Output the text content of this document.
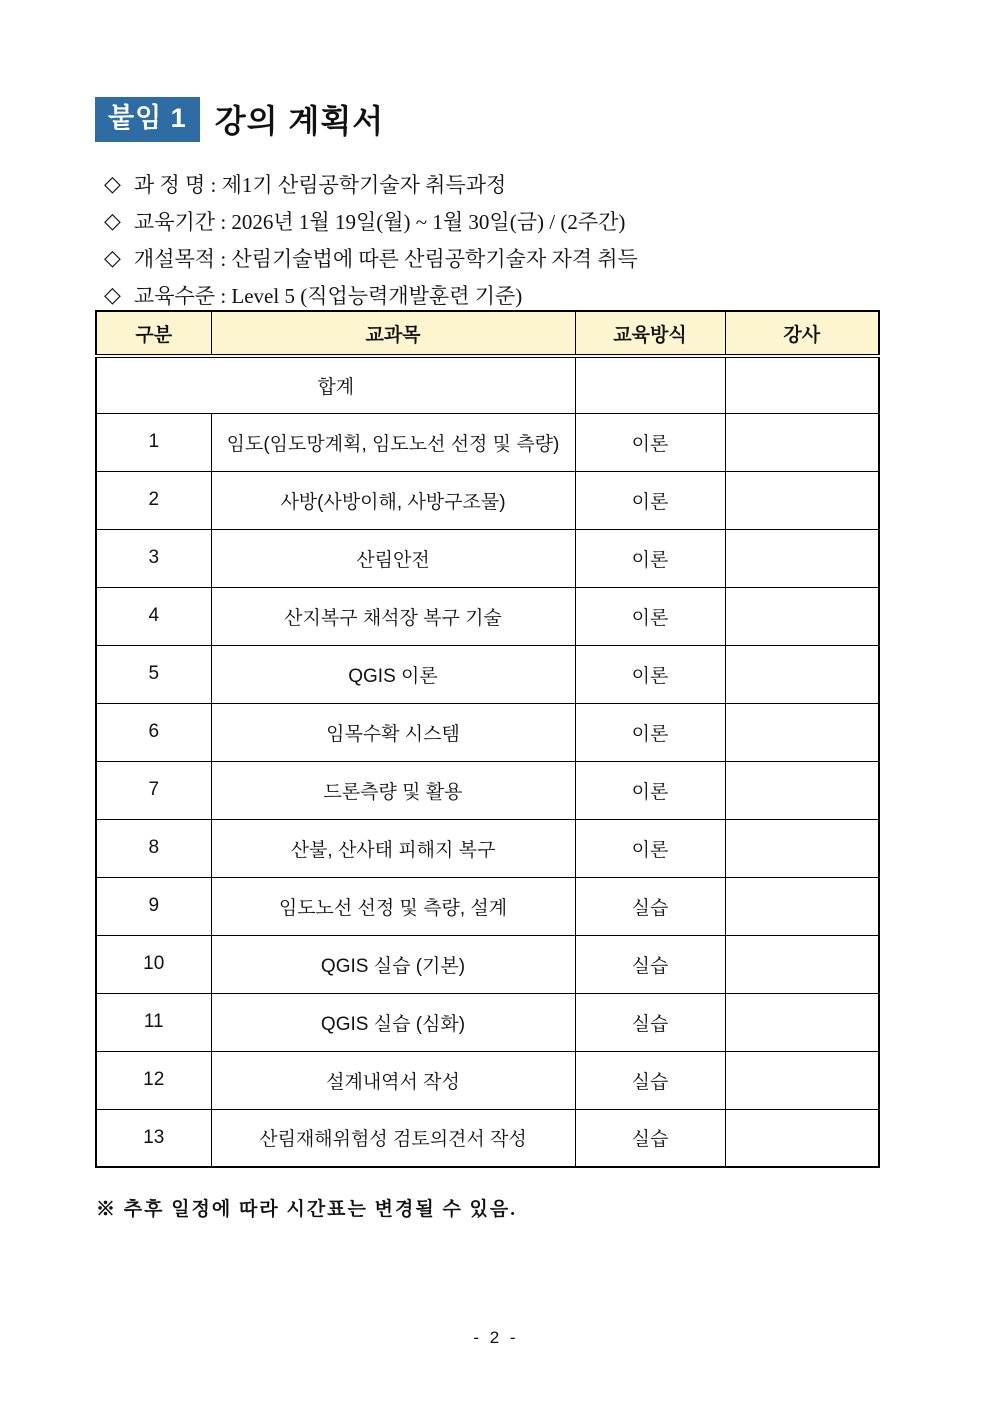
붙임 1 강의 계획서
◇ 과 정 명 : 제1기 산림공학기술자 취득과정
◇ 교육기간 : 2026년 1월 19일(월) ~ 1월 30일(금) / (2주간)
◇ 개설목적 : 산림기술법에 따른 산림공학기술자 자격 취득
◇ 교육수준 : Level 5 (직업능력개발훈련 기준)
구분	교과목	교육방식	강사
합계			
1	임도(임도망계획, 임도노선 선정 및 측량)	이론	
2	사방(사방이해, 사방구조물)	이론	
3	산림안전	이론	
4	산지복구 채석장 복구 기술	이론	
5	QGIS 이론	이론	
6	임목수확 시스템	이론	
7	드론측량 및 활용	이론	
8	산불, 산사태 피해지 복구	이론	
9	임도노선 선정 및 측량, 설계	실습	
10	QGIS 실습 (기본)	실습	
11	QGIS 실습 (심화)	실습	
12	설계내역서 작성	실습	
13	산림재해위험성 검토의견서 작성	실습	
※ 추후 일정에 따라 시간표는 변경될 수 있음.
- 2 -
